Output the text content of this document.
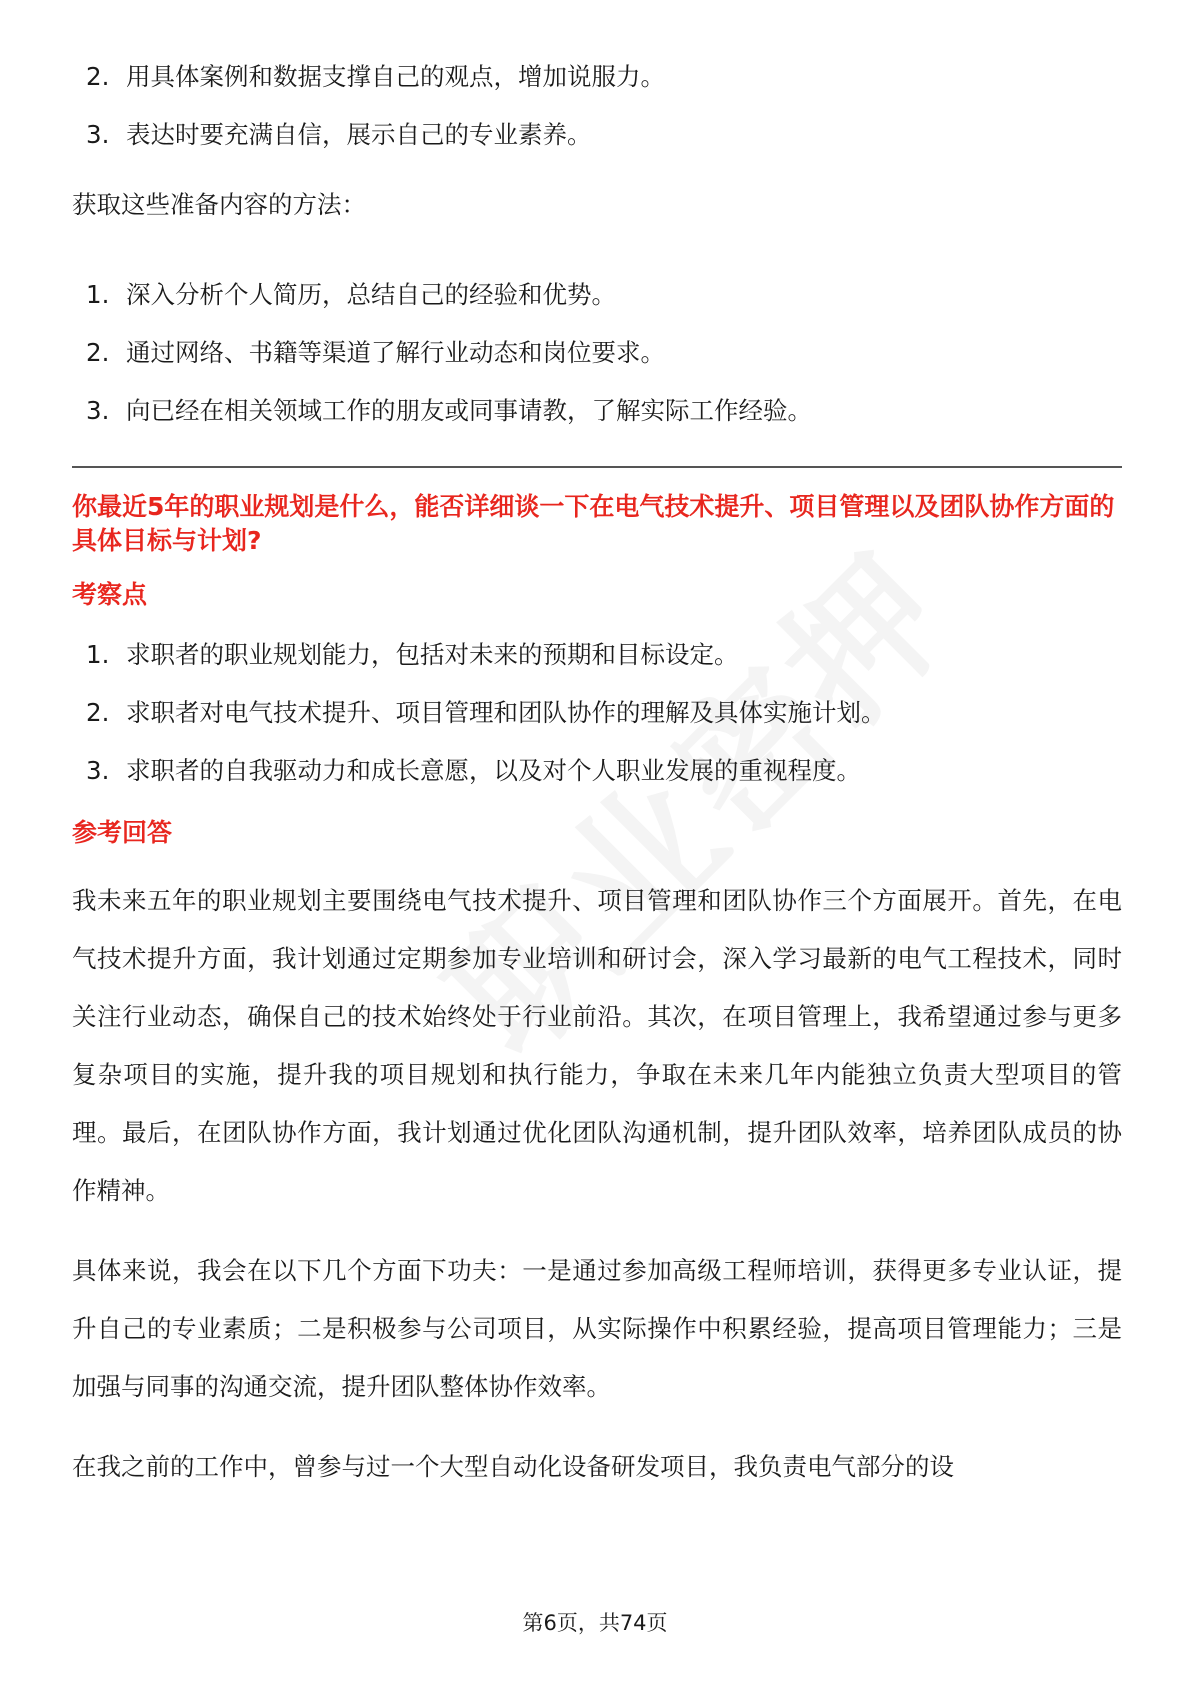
2. 用具体案例和数据支撑自己的观点，增加说服力。
3. 表达时要充满自信，展示自己的专业素养。

获取这些准备内容的方法：

1. 深入分析个人简历，总结自己的经验和优势。
2. 通过网络、书籍等渠道了解行业动态和岗位要求。
3. 向已经在相关领域工作的朋友或同事请教，了解实际工作经验。
你最近5年的职业规划是什么，能否详细谈一下在电气技术提升、项目管理以及团队协作方面的具体目标与计划?
考察点
1. 求职者的职业规划能力，包括对未来的预期和目标设定。
2. 求职者对电气技术提升、项目管理和团队协作的理解及具体实施计划。
3. 求职者的自我驱动力和成长意愿，以及对个人职业发展的重视程度。
参考回答

我未来五年的职业规划主要围绕电气技术提升、项目管理和团队协作三个方面展开。首先，在电气技术提升方面，我计划通过定期参加专业培训和研讨会，深入学习最新的电气工程技术，同时关注行业动态，确保自己的技术始终处于行业前沿。其次，在项目管理上，我希望通过参与更多复杂项目的实施，提升我的项目规划和执行能力，争取在未来几年内能独立负责大型项目的管理。最后，在团队协作方面，我计划通过优化团队沟通机制，提升团队效率，培养团队成员的协作精神。

具体来说，我会在以下几个方面下功夫：一是通过参加高级工程师培训，获得更多专业认证，提升自己的专业素质；二是积极参与公司项目，从实际操作中积累经验，提高项目管理能力；三是加强与同事的沟通交流，提升团队整体协作效率。

在我之前的工作中，曾参与过一个大型自动化设备研发项目，我负责电气部分的设

第6页，共74页
